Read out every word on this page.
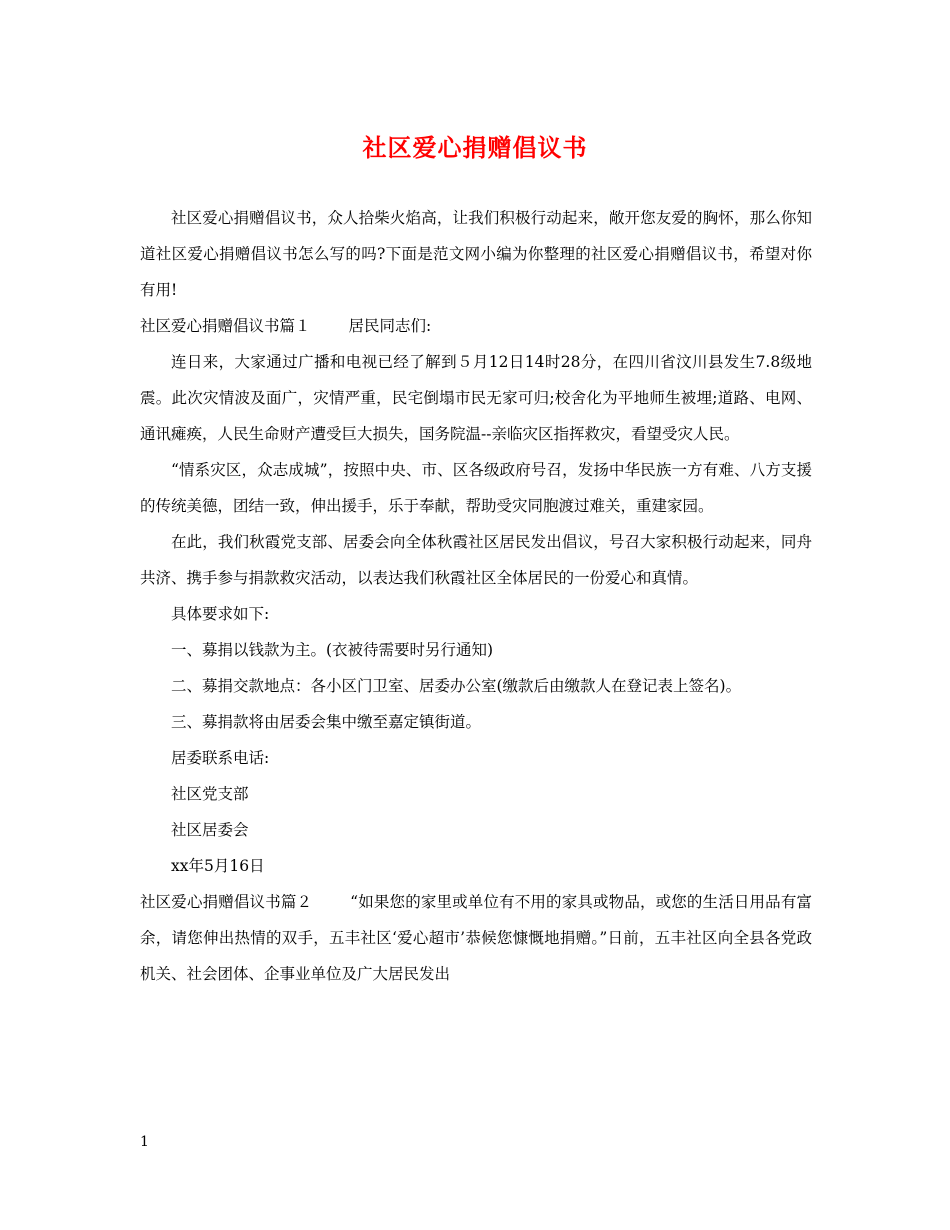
社区爱心捐赠倡议书

社区爱心捐赠倡议书，众人拾柴火焰高，让我们积极行动起来，敞开您友爱的胸怀，那么你知道社区爱心捐赠倡议书怎么写的吗?下面是范文网小编为你整理的社区爱心捐赠倡议书，希望对你有用!

社区爱心捐赠倡议书篇１ 居民同志们:

连日来，大家通过广播和电视已经了解到５月12日14时28分，在四川省汶川县发生7.8级地震。此次灾情波及面广，灾情严重，民宅倒塌市民无家可归;校舍化为平地师生被埋;道路、电网、通讯瘫痪，人民生命财产遭受巨大损失，国务院温--亲临灾区指挥救灾，看望受灾人民。

“情系灾区，众志成城”，按照中央、市、区各级政府号召，发扬中华民族一方有难、八方支援的传统美德，团结一致，伸出援手，乐于奉献，帮助受灾同胞渡过难关，重建家园。

在此，我们秋霞党支部、居委会向全体秋霞社区居民发出倡议，号召大家积极行动起来，同舟共济、携手参与捐款救灾活动，以表达我们秋霞社区全体居民的一份爱心和真情。

具体要求如下:

一、募捐以钱款为主。(衣被待需要时另行通知)

二、募捐交款地点：各小区门卫室、居委办公室(缴款后由缴款人在登记表上签名)。

三、募捐款将由居委会集中缴至嘉定镇街道。

居委联系电话:

社区党支部

社区居委会

xx年5月16日

社区爱心捐赠倡议书篇２ “如果您的家里或单位有不用的家具或物品，或您的生活日用品有富余，请您伸出热情的双手，五丰社区‘爱心超市’恭候您慷慨地捐赠。”日前，五丰社区向全县各党政机关、社会团体、企事业单位及广大居民发出

1
